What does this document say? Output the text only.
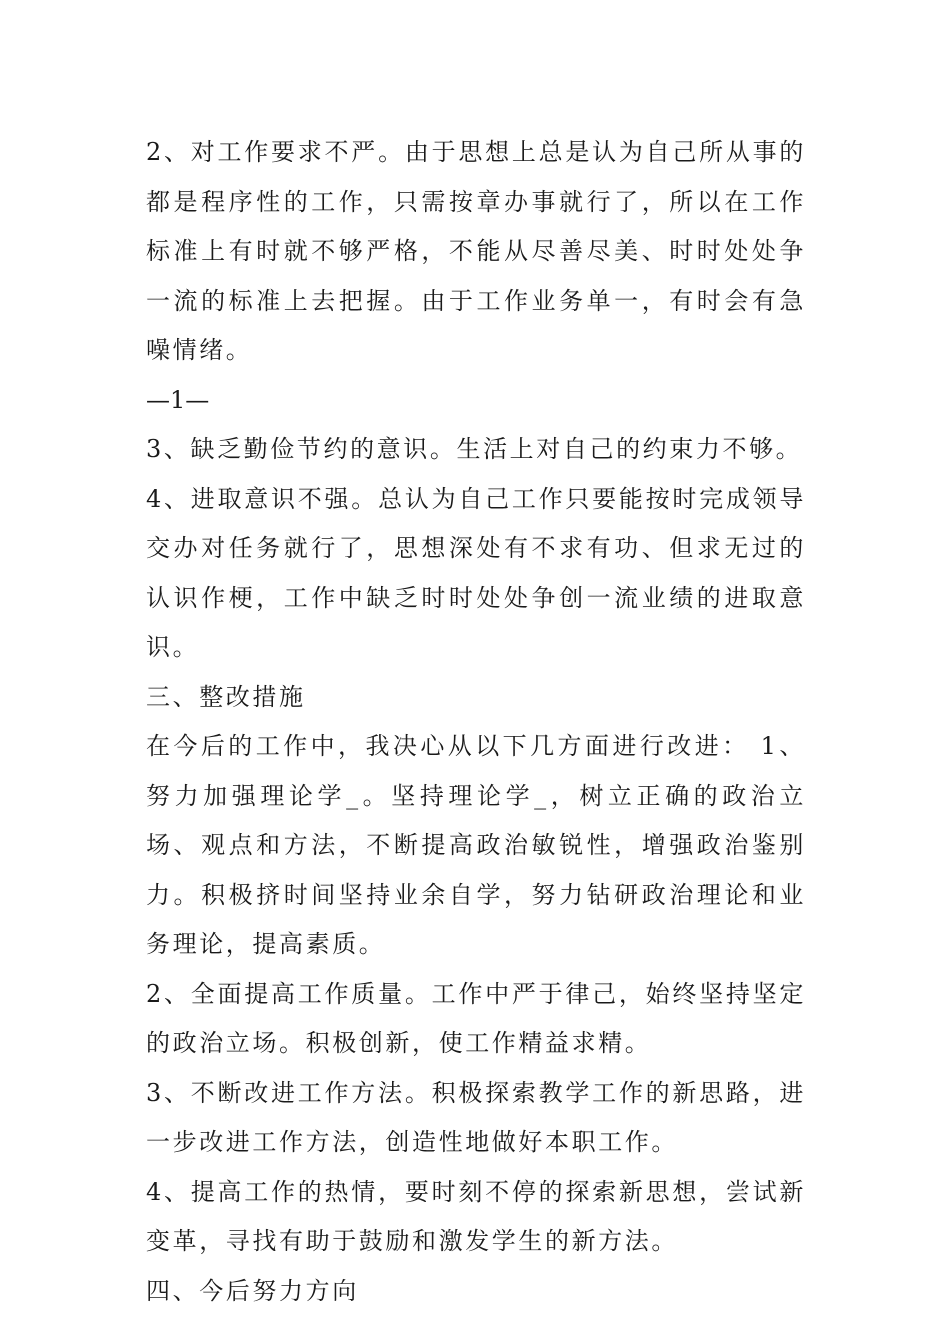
2、对工作要求不严。由于思想上总是认为自己所从事的都是程序性的工作，只需按章办事就行了，所以在工作标准上有时就不够严格，不能从尽善尽美、时时处处争一流的标准上去把握。由于工作业务单一，有时会有急噪情绪。

—1—

3、缺乏勤俭节约的意识。生活上对自己的约束力不够。

4、进取意识不强。总认为自己工作只要能按时完成领导交办对任务就行了，思想深处有不求有功、但求无过的认识作梗，工作中缺乏时时处处争创一流业绩的进取意识。

三、整改措施

在今后的工作中，我决心从以下几方面进行改进： 1、努力加强理论学_。坚持理论学_，树立正确的政治立场、观点和方法，不断提高政治敏锐性，增强政治鉴别力。积极挤时间坚持业余自学，努力钻研政治理论和业务理论，提高素质。

2、全面提高工作质量。工作中严于律己，始终坚持坚定的政治立场。积极创新，使工作精益求精。

3、不断改进工作方法。积极探索教学工作的新思路，进一步改进工作方法，创造性地做好本职工作。

4、提高工作的热情，要时刻不停的探索新思想，尝试新变革，寻找有助于鼓励和激发学生的新方法。

四、今后努力方向
